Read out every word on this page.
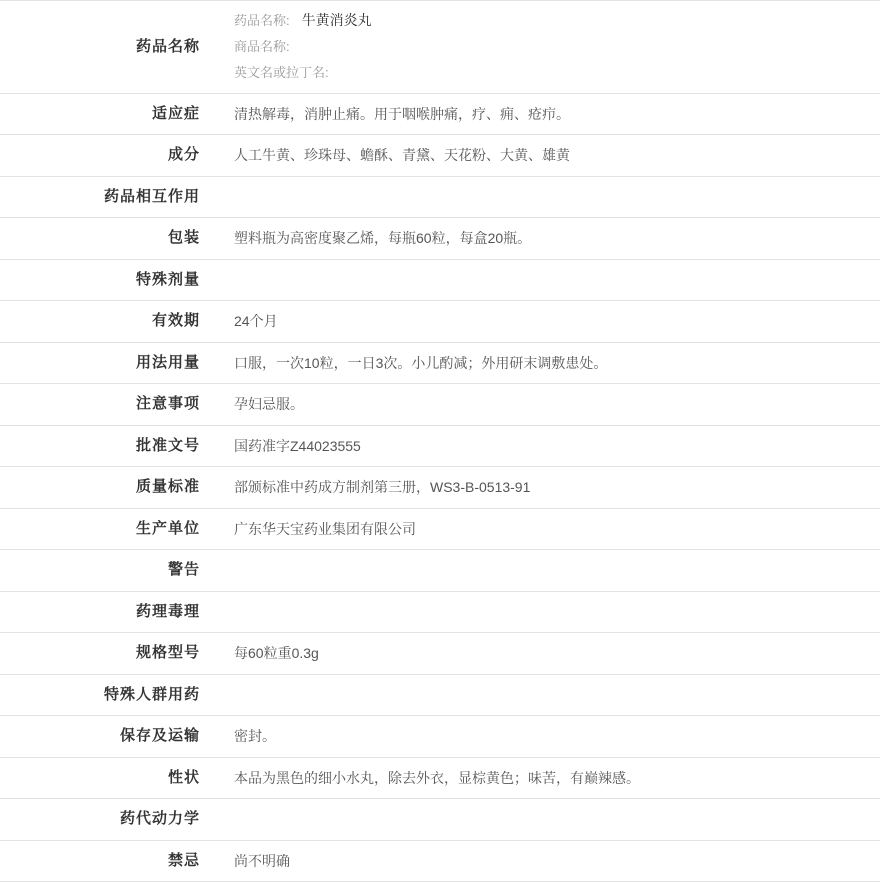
药品名称	药品名称: 牛黄消炎丸
商品名称:
英文名或拉丁名:

适应症	清热解毒，消肿止痛。用于咽喉肿痛，疗、痈、疮疖。
成分	人工牛黄、珍珠母、蟾酥、青黛、天花粉、大黄、雄黄
药品相互作用	
包装	塑料瓶为高密度聚乙烯，每瓶60粒，每盒20瓶。
特殊剂量	
有效期	24个月
用法用量	口服，一次10粒，一日3次。小儿酌减；外用研末调敷患处。
注意事项	孕妇忌服。
批准文号	国药准字Z44023555
质量标准	部颁标准中药成方制剂第三册，WS3-B-0513-91
生产单位	广东华天宝药业集团有限公司
警告	
药理毒理	
规格型号	每60粒重0.3g
特殊人群用药	
保存及运输	密封。
性状	本品为黑色的细小水丸，除去外衣，显棕黄色；味苦，有巅辣感。
药代动力学	
禁忌	尚不明确
